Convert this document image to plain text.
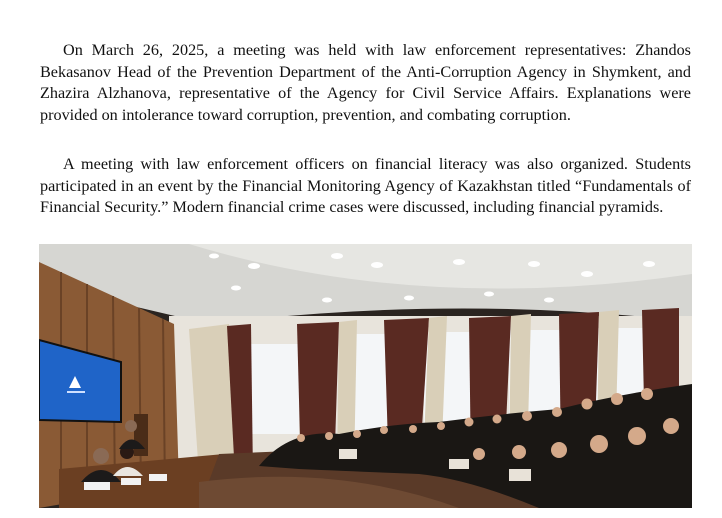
On March 26, 2025, a meeting was held with law enforcement representatives: Zhandos Bekasanov Head of the Prevention Department of the Anti-Corruption Agency in Shymkent, and Zhazira Alzhanova, representative of the Agency for Civil Service Affairs. Explanations were provided on intolerance toward corruption, prevention, and combating corruption.

A meeting with law enforcement officers on financial literacy was also organized. Students participated in an event by the Financial Monitoring Agency of Kazakhstan titled “Fundamentals of Financial Security.” Modern financial crime cases were discussed, including financial pyramids.
